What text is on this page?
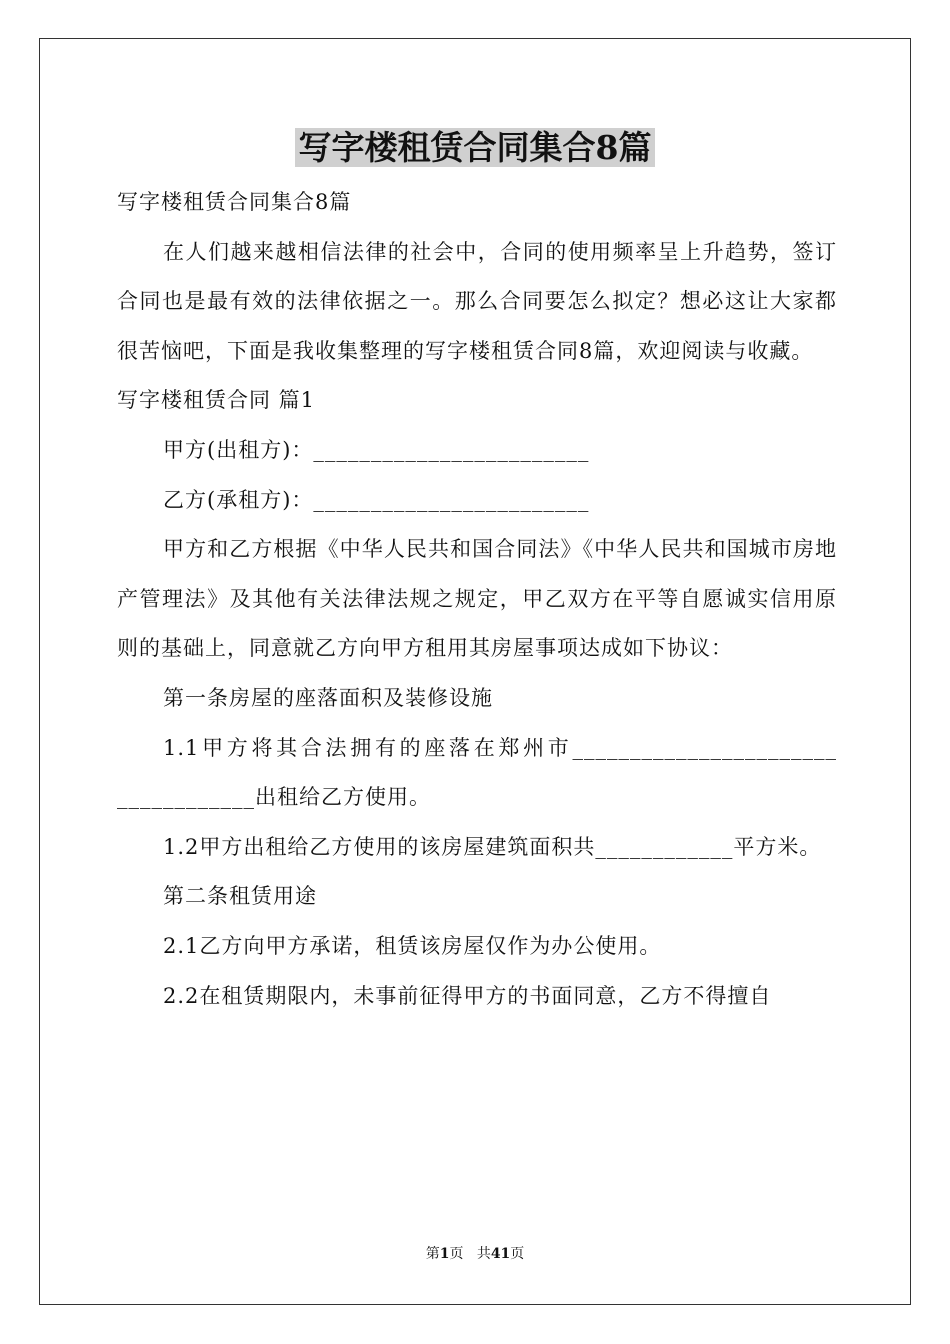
写字楼租赁合同集合8篇

写字楼租赁合同集合8篇

在人们越来越相信法律的社会中，合同的使用频率呈上升趋势，签订合同也是最有效的法律依据之一。那么合同要怎么拟定？想必这让大家都很苦恼吧，下面是我收集整理的写字楼租赁合同8篇，欢迎阅读与收藏。

写字楼租赁合同 篇1

甲方(出租方)：________________________

乙方(承租方)：________________________

甲方和乙方根据《中华人民共和国合同法》《中华人民共和国城市房地产管理法》及其他有关法律法规之规定，甲乙双方在平等自愿诚实信用原则的基础上，同意就乙方向甲方租用其房屋事项达成如下协议：

第一条房屋的座落面积及装修设施

1.1甲方将其合法拥有的座落在郑州市_______________________ ____________出租给乙方使用。

1.2甲方出租给乙方使用的该房屋建筑面积共____________平方米。

第二条租赁用途

2.1乙方向甲方承诺，租赁该房屋仅作为办公使用。

2.2在租赁期限内，未事前征得甲方的书面同意，乙方不得擅自

第1页 共41页
